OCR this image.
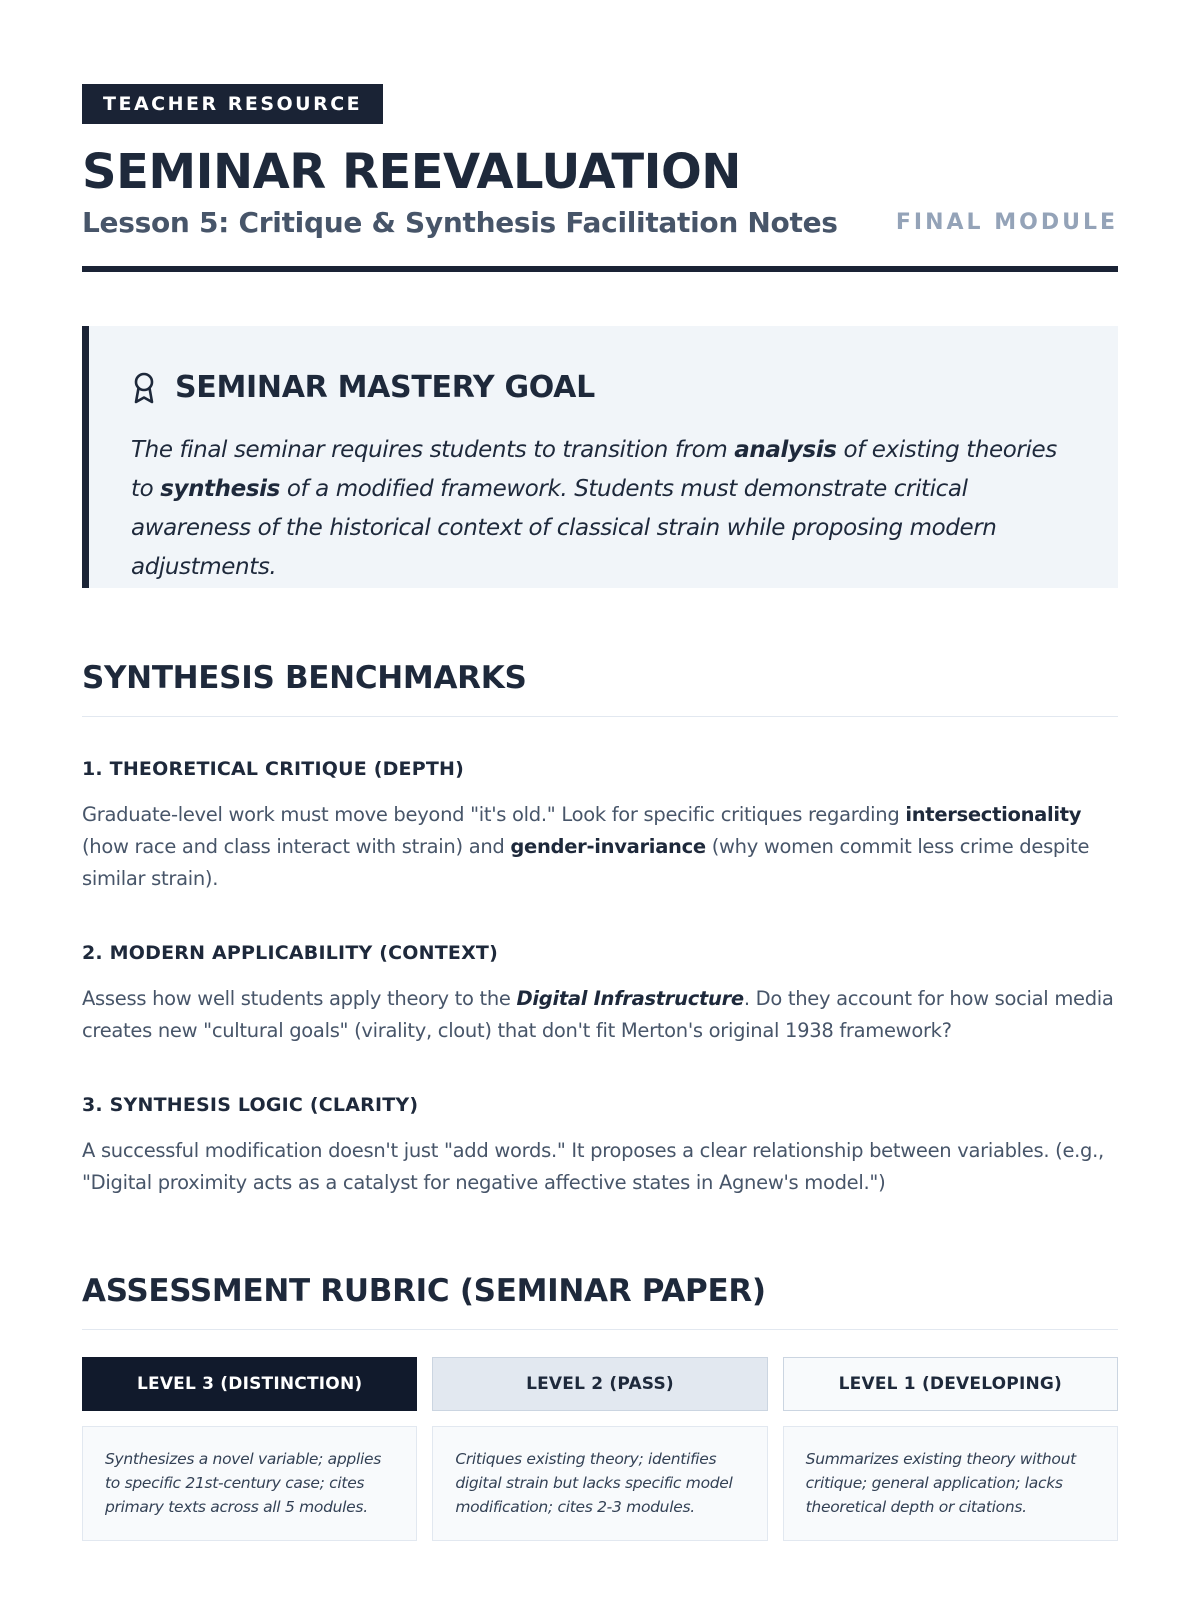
TEACHER RESOURCE
SEMINAR REEVALUATION
Lesson 5: Critique & Synthesis Facilitation Notes	FINAL MODULE
SEMINAR MASTERY GOAL
The final seminar requires students to transition from analysis of existing theories to synthesis of a modified framework. Students must demonstrate critical awareness of the historical context of classical strain while proposing modern adjustments.
SYNTHESIS BENCHMARKS
1. THEORETICAL CRITIQUE (DEPTH)
Graduate-level work must move beyond "it's old." Look for specific critiques regarding intersectionality (how race and class interact with strain) and gender-invariance (why women commit less crime despite similar strain).
2. MODERN APPLICABILITY (CONTEXT)
Assess how well students apply theory to the Digital Infrastructure. Do they account for how social media creates new "cultural goals" (virality, clout) that don't fit Merton's original 1938 framework?
3. SYNTHESIS LOGIC (CLARITY)
A successful modification doesn't just "add words." It proposes a clear relationship between variables. (e.g., "Digital proximity acts as a catalyst for negative affective states in Agnew's model.")
ASSESSMENT RUBRIC (SEMINAR PAPER)
LEVEL 3 (DISTINCTION)
Synthesizes a novel variable; applies to specific 21st-century case; cites primary texts across all 5 modules.
LEVEL 2 (PASS)
Critiques existing theory; identifies digital strain but lacks specific model modification; cites 2-3 modules.
LEVEL 1 (DEVELOPING)
Summarizes existing theory without critique; general application; lacks theoretical depth or citations.
